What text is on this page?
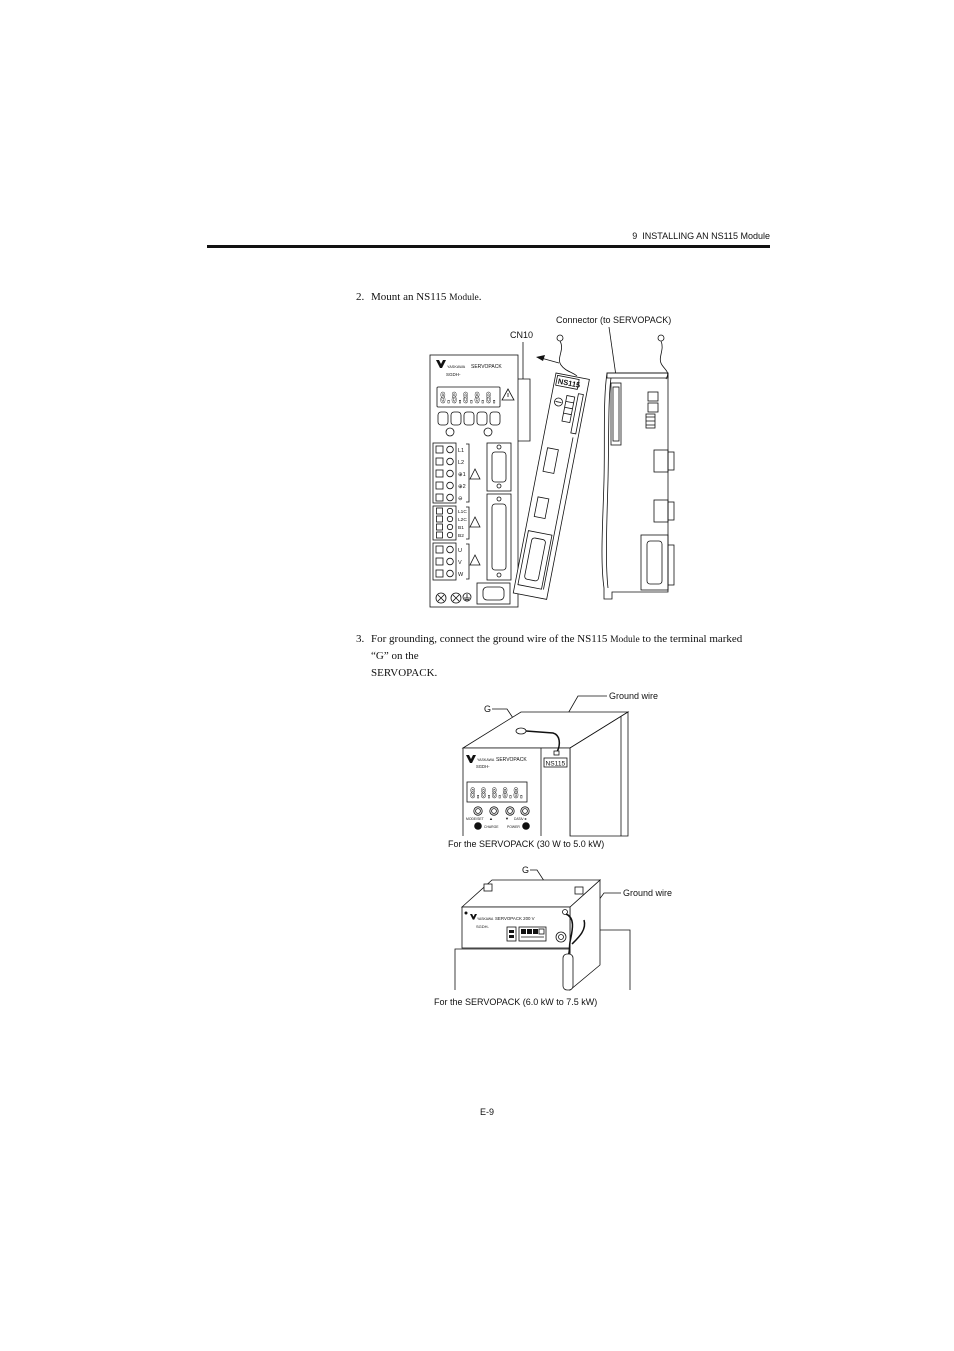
9  INSTALLING AN NS115 Module
2. Mount an NS115 Module.
3. For grounding, connect the ground wire of the NS115 Module to the terminal marked
“G” on the
SERVOPACK.
Connector (to SERVOPACK)
CN10
YASKAWA SERVOPACK
SGDH-
8.8.8.8.8.
L1
L2
⊕1
⊕2
⊖
L1C
L2C
B1
B2
U
V
W
NS115
G
Ground wire
YASKAWA SERVOPACK
SGDH-	NS115
8.8.8.8.8.
MODE/SET ▲	▼ DATA/◄
CHARGE POWER
For the SERVOPACK (30 W to 5.0 kW)
G
Ground wire
YASKAWA SERVOPACK 200 V
SGDH-
For the SERVOPACK (6.0 kW to 7.5 kW)
E-9
